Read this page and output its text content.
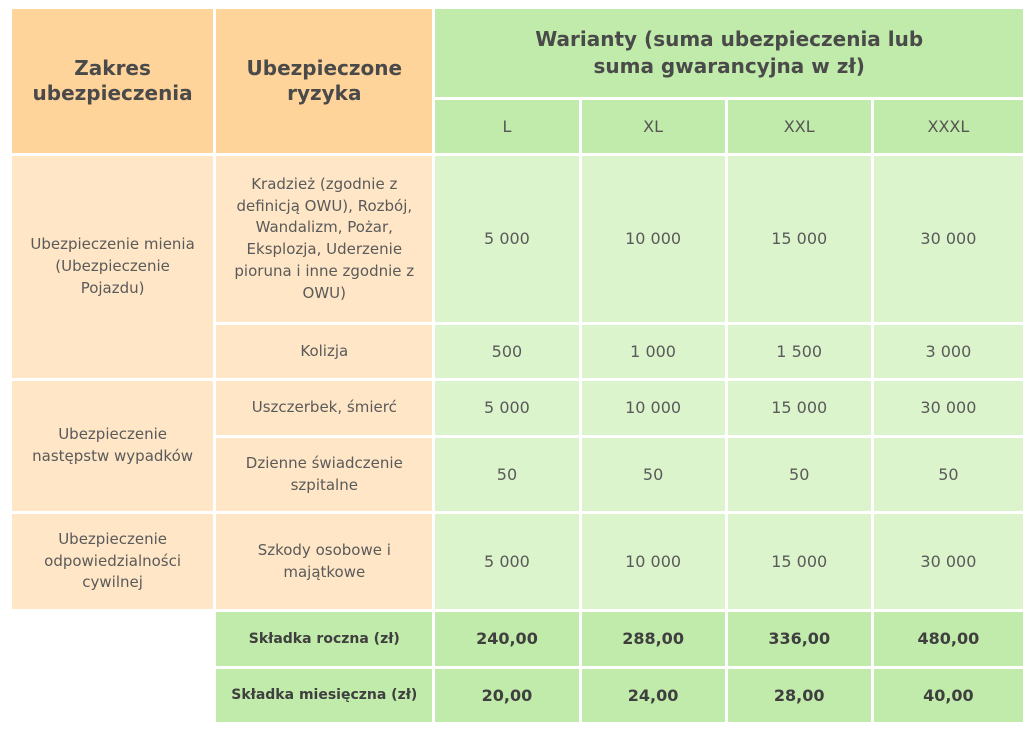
Zakres ubezpieczenia	Ubezpieczone ryzyka	Warianty (suma ubezpieczenia lub suma gwarancyjna w zł)			
		L	XL	XXL	XXXL
Ubezpieczenie mienia (Ubezpieczenie Pojazdu)	Kradzież (zgodnie z definicją OWU), Rozbój, Wandalizm, Pożar, Eksplozja, Uderzenie pioruna i inne zgodnie z OWU)	5 000	10 000	15 000	30 000
	Kolizja	500	1 000	1 500	3 000
Ubezpieczenie następstw wypadków	Uszczerbek, śmierć	5 000	10 000	15 000	30 000
	Dzienne świadczenie szpitalne	50	50	50	50
Ubezpieczenie odpowiedzialności cywilnej	Szkody osobowe i majątkowe	5 000	10 000	15 000	30 000
	Składka roczna (zł)	240,00	288,00	336,00	480,00
	Składka miesięczna (zł)	20,00	24,00	28,00	40,00
